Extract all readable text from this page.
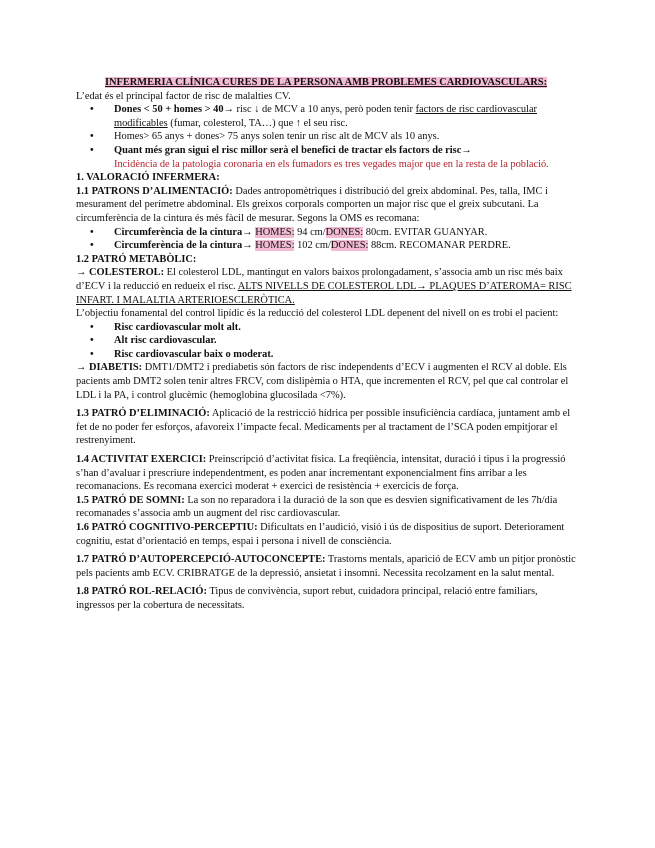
INFERMERIA CLÍNICA CURES DE LA PERSONA AMB PROBLEMES CARDIOVASCULARS:

L’edat és el principal factor de risc de malalties CV.

• Dones < 50 + homes > 40→ risc ↓ de MCV a 10 anys, però poden tenir factors de risc cardiovascular modificables (fumar, colesterol, TA…) que ↑ el seu risc.
• Homes> 65 anys + dones> 75 anys solen tenir un risc alt de MCV als 10 anys.
• Quant més gran sigui el risc millor serà el benefici de tractar els factors de risc→
Incidència de la patologia coronaria en els fumadors es tres vegades major que en la resta de la població.

1. VALORACIÓ INFERMERA:

1.1 PATRONS D’ALIMENTACIÓ: Dades antropomètriques i distribució del greix abdominal. Pes, talla, IMC i mesurament del perímetre abdominal. Els greixos corporals comporten un major risc que el greix subcutani. La circumferència de la cintura és més fàcil de mesurar. Segons la OMS es recomana:

• Circumferència de la cintura→ HOMES: 94 cm/DONES: 80cm. EVITAR GUANYAR.
• Circumferència de la cintura→ HOMES: 102 cm/DONES: 88cm. RECOMANAR PERDRE.

1.2 PATRÓ METABÒLIC:

→ COLESTEROL: El colesterol LDL, mantingut en valors baixos prolongadament, s’associa amb un risc més baix d’ECV i la reducció en redueix el risc. ALTS NIVELLS DE COLESTEROL LDL→ PLAQUES D’ATEROMA= RISC INFART. I MALALTIA ARTERIOESCLERÒTICA.

L’objectiu fonamental del control lipídic és la reducció del colesterol LDL depenent del nivell on es trobi el pacient:

• Risc cardiovascular molt alt.
• Alt risc cardiovascular.
• Risc cardiovascular baix o moderat.

→ DIABETIS: DMT1/DMT2 i prediabetis són factors de risc independents d’ECV i augmenten el RCV al doble. Els pacients amb DMT2 solen tenir altres FRCV, com dislipèmia o HTA, que incrementen el RCV, pel que cal controlar el LDL i la PA, i control glucèmic (hemoglobina glucosilada <7%).

1.3 PATRÓ D’ELIMINACIÓ: Aplicació de la restricció hídrica per possible insuficiència cardíaca, juntament amb el fet de no poder fer esforços, afavoreix l’impacte fecal. Medicaments per al tractament de l’SCA poden empitjorar el restrenyiment.

1.4 ACTIVITAT EXERCICI: Preinscripció d’activitat física. La freqüència, intensitat, duració i tipus i la progressió s’han d’avaluar i prescriure independentment, es poden anar incrementant exponencialment fins arribar a les recomanacions. Es recomana exercici moderat + exercici de resistència + exercicis de força.

1.5 PATRÓ DE SOMNI: La son no reparadora i la duració de la son que es desvien significativament de les 7h/dia recomanades s’associa amb un augment del risc cardiovascular.

1.6 PATRÓ COGNITIVO-PERCEPTIU: Dificultats en l’audició, visió i ús de dispositius de suport. Deteriorament cognitiu, estat d’orientació en temps, espai i persona i nivell de consciència.

1.7 PATRÓ D’AUTOPERCEPCIÓ-AUTOCONCEPTE: Trastorns mentals, aparició de ECV amb un pitjor pronòstic pels pacients amb ECV. CRIBRATGE de la depressió, ansietat i insomni. Necessita recolzament en la salut mental.

1.8 PATRÓ ROL-RELACIÓ: Tipus de convivència, suport rebut, cuidadora principal, relació entre familiars, ingressos per la cobertura de necessitats.
